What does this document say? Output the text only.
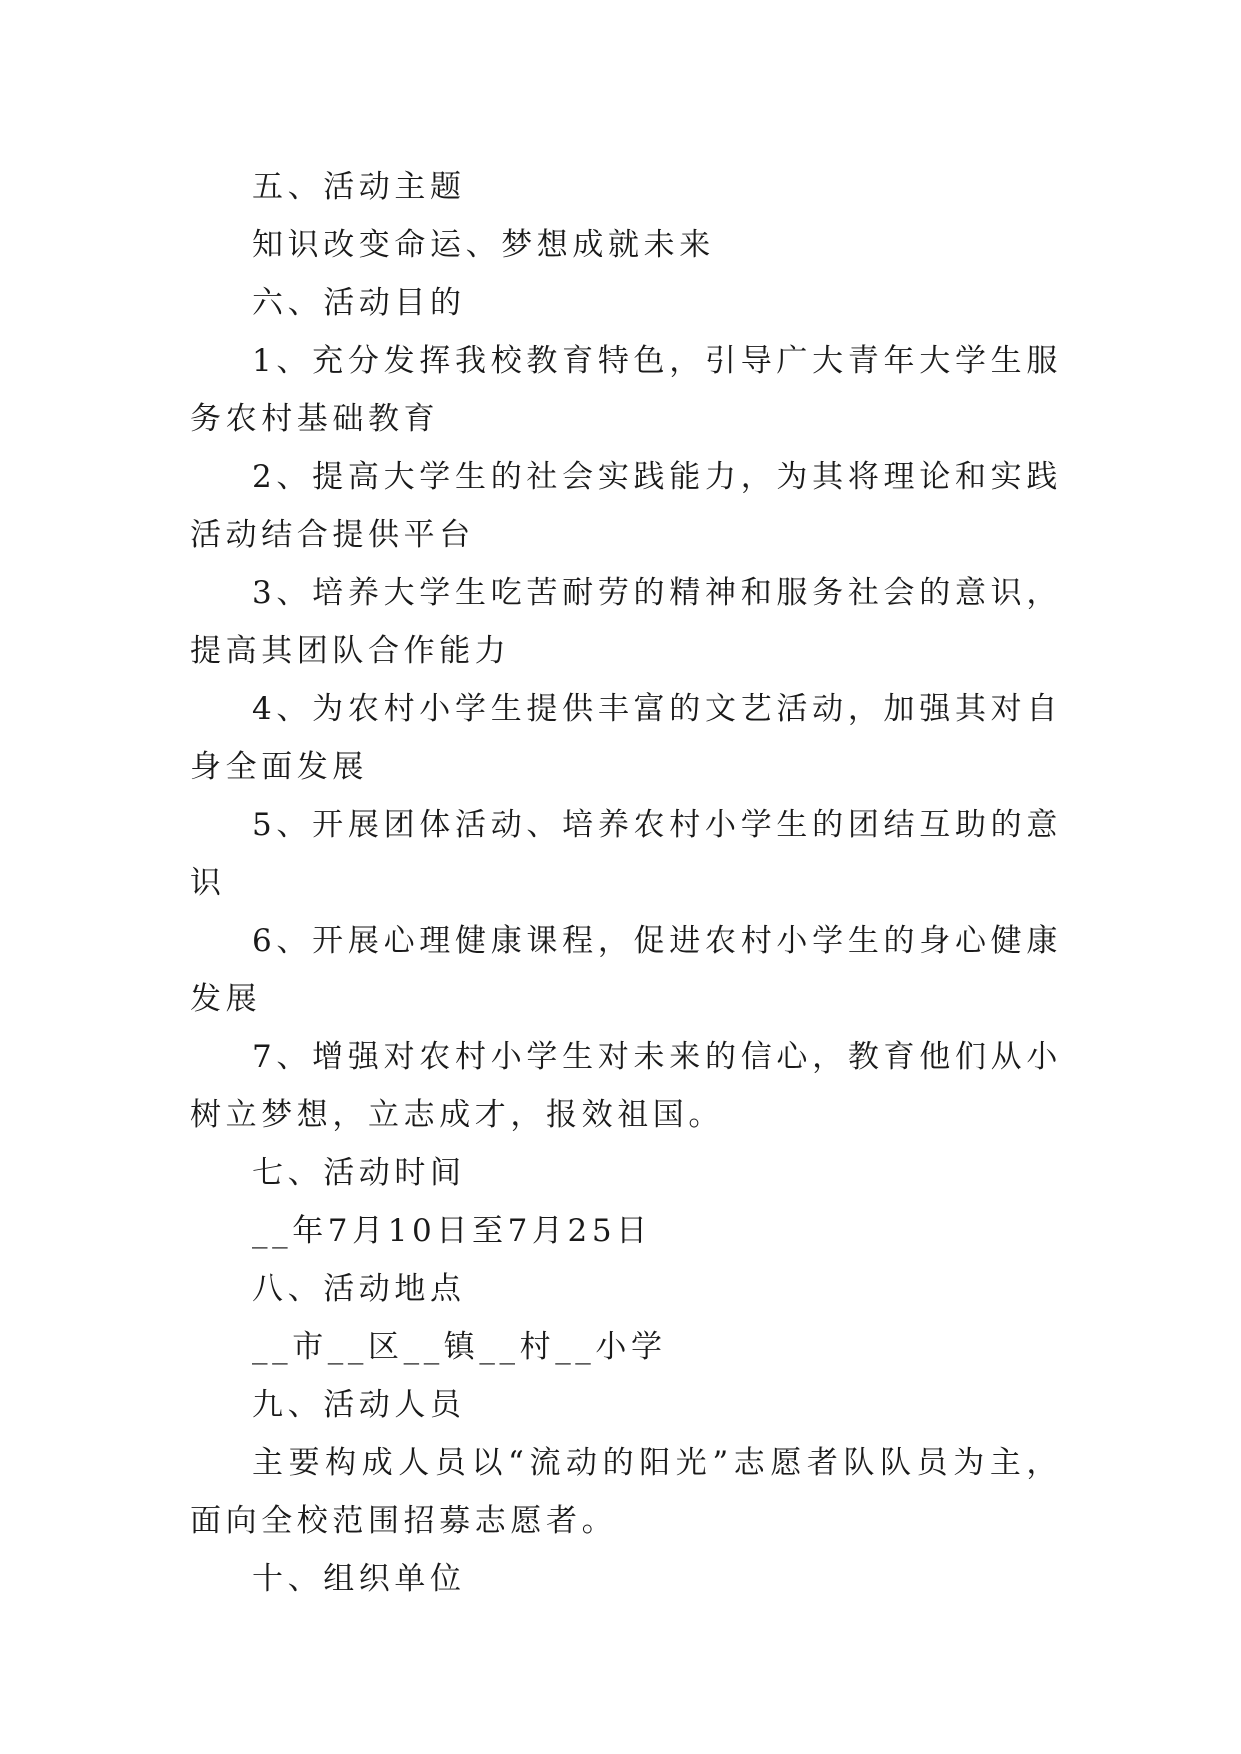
五、活动主题

知识改变命运、梦想成就未来

六、活动目的

1、充分发挥我校教育特色，引导广大青年大学生服务农村基础教育

2、提高大学生的社会实践能力，为其将理论和实践活动结合提供平台

3、培养大学生吃苦耐劳的精神和服务社会的意识，提高其团队合作能力

4、为农村小学生提供丰富的文艺活动，加强其对自身全面发展

5、开展团体活动、培养农村小学生的团结互助的意识

6、开展心理健康课程，促进农村小学生的身心健康发展

7、增强对农村小学生对未来的信心，教育他们从小树立梦想，立志成才，报效祖国。

七、活动时间

__年7月10日至7月25日

八、活动地点

__市__区__镇__村__小学

九、活动人员

主要构成人员以“流动的阳光”志愿者队队员为主，面向全校范围招募志愿者。

十、组织单位
